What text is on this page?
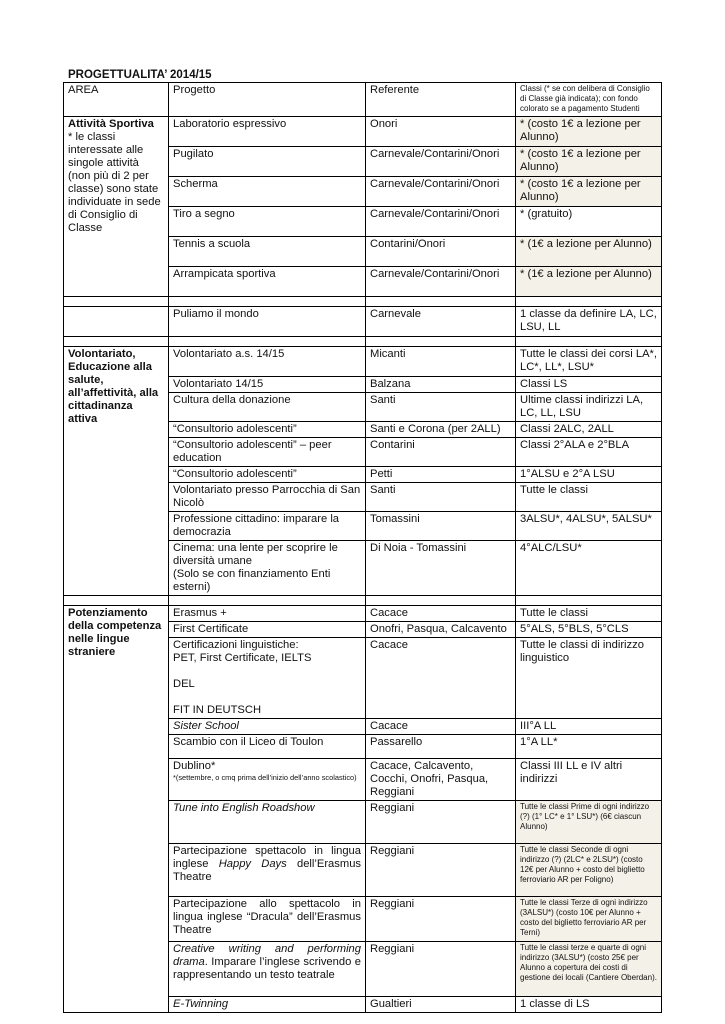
PROGETTUALITA’ 2014/15
AREA	Progetto	Referente	Classi (* se con delibera di Consiglio di Classe già indicata); con fondo colorato se a pagamento Studenti

Attività Sportiva
* le classi interessate alle singole attività (non più di 2 per classe) sono state individuate in sede di Consiglio di Classe	Laboratorio espressivo	Onori	* (costo 1€ a lezione per Alunno)
	Pugilato	Carnevale/Contarini/Onori	* (costo 1€ a lezione per Alunno)
	Scherma	Carnevale/Contarini/Onori	* (costo 1€ a lezione per Alunno)
	Tiro a segno	Carnevale/Contarini/Onori	* (gratuito)
	Tennis a scuola	Contarini/Onori	* (1€ a lezione per Alunno)
	Arrampicata sportiva	Carnevale/Contarini/Onori	* (1€ a lezione per Alunno)

	Puliamo il mondo	Carnevale	1 classe da definire LA, LC, LSU, LL

Volontariato, Educazione alla salute, all’affettività, alla cittadinanza attiva	Volontariato a.s. 14/15	Micanti	Tutte le classi dei corsi LA*, LC*, LL*, LSU*
	Volontariato 14/15	Balzana	Classi LS
	Cultura della donazione	Santi	Ultime classi indirizzi LA, LC, LL, LSU
	“Consultorio adolescenti”	Santi e Corona (per 2ALL)	Classi 2ALC, 2ALL
	“Consultorio adolescenti” – peer education	Contarini	Classi 2°ALA e 2°BLA
	“Consultorio adolescenti”	Petti	1°ALSU e 2°A LSU
	Volontariato presso Parrocchia di San Nicolò	Santi	Tutte le classi
	Professione cittadino: imparare la democrazia	Tomassini	3ALSU*, 4ALSU*, 5ALSU*

	Cinema: una lente per scoprire le diversità umane
(Solo se con finanziamento Enti esterni)	Di Noia - Tomassini	4°ALC/LSU*

Potenziamento della competenza nelle lingue straniere	Erasmus +	Cacace	Tutte le classi
	First Certificate	Onofri, Pasqua, Calcavento	5°ALS, 5°BLS, 5°CLS

	Certificazioni linguistiche:
PET, First Certificate, IELTS
DEL
FIT IN DEUTSCH	Cacace	Tutte le classi di indirizzo linguistico
	Sister School	Cacace	III°A LL
	Scambio con il Liceo di Toulon	Passarello	1°A LL*

	Dublino*
*(settembre, o cmq prima dell’inizio dell’anno scolastico)	Cacace, Calcavento, Cocchi, Onofri, Pasqua, Reggiani	Classi III LL e IV altri indirizzi
	Tune into English Roadshow	Reggiani	Tutte le classi Prime di ogni indirizzo (?) (1° LC* e 1° LSU*) (6€ ciascun Alunno)
	Partecipazione spettacolo in lingua inglese Happy Days dell’Erasmus Theatre	Reggiani	Tutte le classi Seconde di ogni indirizzo (?) (2LC* e 2LSU*) (costo 12€ per Alunno + costo del biglietto ferroviario AR per Foligno)
	Partecipazione allo spettacolo in lingua inglese “Dracula” dell’Erasmus Theatre	Reggiani	Tutte le classi Terze di ogni indirizzo (3ALSU*) (costo 10€ per Alunno + costo del biglietto ferroviario AR per Terni)
	Creative writing and performing drama. Imparare l’inglese scrivendo e rappresentando un testo teatrale	Reggiani	Tutte le classi terze e quarte di ogni indirizzo (3ALSU*) (costo 25€ per Alunno a copertura dei costi di gestione dei locali (Cantiere Oberdan).
	E-Twinning	Gualtieri	1 classe di LS
